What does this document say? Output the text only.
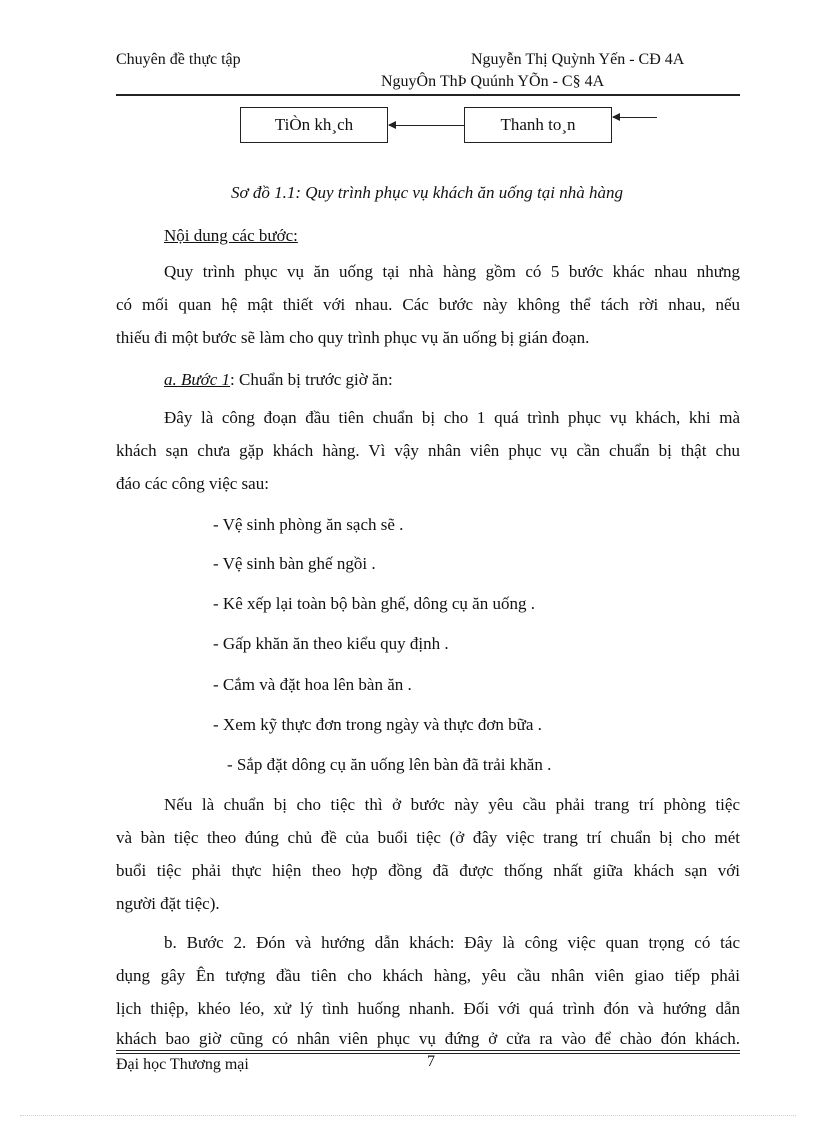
Chuyên đề thực tập	Nguyễn Thị Quỳnh Yến - CĐ 4A
NguyÔn ThÞ Quúnh YÕn - C§ 4A
TiÒn kh¸ch	Thanh to¸n
Sơ đồ 1.1: Quy trình phục vụ khách ăn uống tại nhà hàng
Nội dung các bước:
Quy trình phục vụ ăn uống tại nhà hàng gồm có 5 bước khác nhau nhưng
có mối quan hệ mật thiết với nhau. Các bước này không thể tách rời nhau, nếu
thiếu đi một bước sẽ làm cho quy trình phục vụ ăn uống bị gián đoạn.
a. Bước 1: Chuẩn bị trước giờ ăn:
Đây là công đoạn đầu tiên chuẩn bị cho 1 quá trình phục vụ khách, khi mà
khách sạn chưa gặp khách hàng. Vì vậy nhân viên phục vụ cần chuẩn bị thật chu
đáo các công việc sau:
- Vệ sinh phòng ăn sạch sẽ .
- Vệ sinh bàn ghế ngồi .
- Kê xếp lại toàn bộ bàn ghế, dông cụ ăn uống .
- Gấp khăn ăn theo kiểu quy định .
- Cắm và đặt hoa lên bàn ăn .
- Xem kỹ thực đơn trong ngày và thực đơn bữa .
- Sắp đặt dông cụ ăn uống lên bàn đã trải khăn .
Nếu là chuẩn bị cho tiệc thì ở bước này yêu cầu phải trang trí phòng tiệc
và bàn tiệc theo đúng chủ đề của buổi tiệc (ở đây việc trang trí chuẩn bị cho mét
buổi tiệc phải thực hiện theo hợp đồng đã được thống nhất giữa khách sạn với
người đặt tiệc).
b. Bước 2. Đón và hướng dẫn khách: Đây là công việc quan trọng có tác
dụng gây Ên tượng đầu tiên cho khách hàng, yêu cầu nhân viên giao tiếp phải
lịch thiệp, khéo léo, xử lý tình huống nhanh. Đối với quá trình đón và hướng dẫn
khách bao giờ cũng có nhân viên phục vụ đứng ở cửa ra vào để chào đón khách.
Đại học Thương mại	7
